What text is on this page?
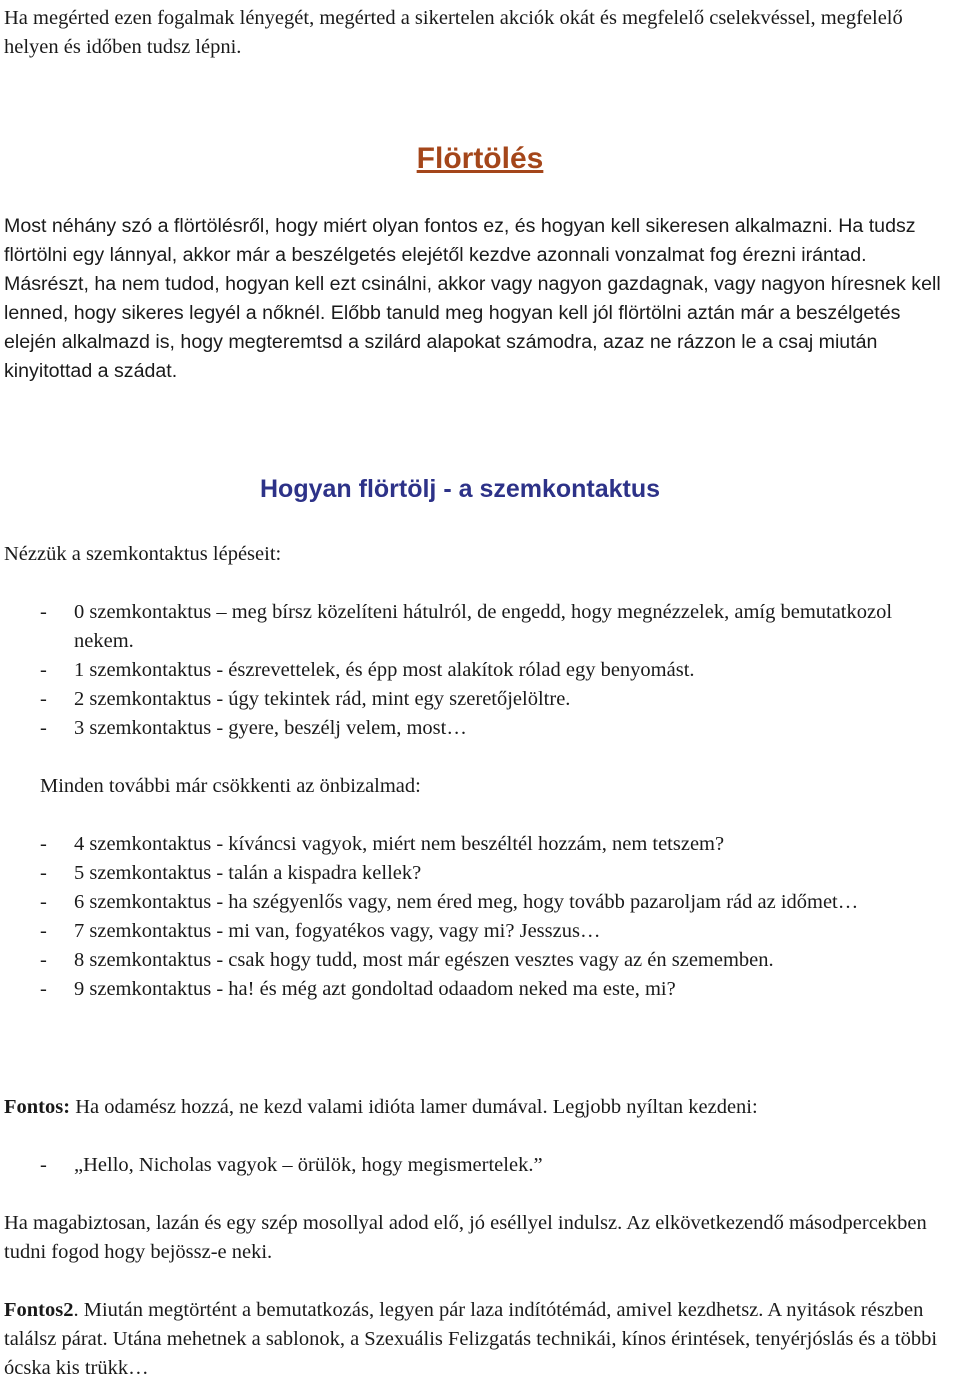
Ha megérted ezen fogalmak lényegét, megérted a sikertelen akciók okát és megfelelő cselekvéssel, megfelelő helyen és időben tudsz lépni.

Flörtölés

Most néhány szó a flörtölésről, hogy miért olyan fontos ez, és hogyan kell sikeresen alkalmazni. Ha tudsz flörtölni egy lánnyal, akkor már a beszélgetés elejétől kezdve azonnali vonzalmat fog érezni irántad. Másrészt, ha nem tudod, hogyan kell ezt csinálni, akkor vagy nagyon gazdagnak, vagy nagyon híresnek kell lenned, hogy sikeres legyél a nőknél. Előbb tanuld meg hogyan kell jól flörtölni aztán már a beszélgetés elején alkalmazd is, hogy megteremtsd a szilárd alapokat számodra, azaz ne rázzon le a csaj miután kinyitottad a szádat.

Hogyan flörtölj - a szemkontaktus

Nézzük a szemkontaktus lépéseit:

- 0 szemkontaktus – meg bírsz közelíteni hátulról, de engedd, hogy megnézzelek, amíg bemutatkozol nekem.
- 1 szemkontaktus - észrevettelek, és épp most alakítok rólad egy benyomást.
- 2 szemkontaktus - úgy tekintek rád, mint egy szeretőjelöltre.
- 3 szemkontaktus - gyere, beszélj velem, most…

Minden további már csökkenti az önbizalmad:

- 4 szemkontaktus - kíváncsi vagyok, miért nem beszéltél hozzám, nem tetszem?
- 5 szemkontaktus - talán a kispadra kellek?
- 6 szemkontaktus - ha szégyenlős vagy, nem éred meg, hogy tovább pazaroljam rád az időmet…
- 7 szemkontaktus - mi van, fogyatékos vagy, vagy mi? Jesszus…
- 8 szemkontaktus - csak hogy tudd, most már egészen vesztes vagy az én szememben.
- 9 szemkontaktus - ha! és még azt gondoltad odaadom neked ma este, mi?

Fontos: Ha odamész hozzá, ne kezd valami idióta lamer dumával. Legjobb nyíltan kezdeni:

- „Hello, Nicholas vagyok – örülök, hogy megismertelek.”

Ha magabiztosan, lazán és egy szép mosollyal adod elő, jó eséllyel indulsz. Az elkövetkezendő másodpercekben tudni fogod hogy bejössz-e neki.

Fontos2. Miután megtörtént a bemutatkozás, legyen pár laza indítótémád, amivel kezdhetsz. A nyitások részben találsz párat. Utána mehetnek a sablonok, a Szexuális Felizgatás technikái, kínos érintések, tenyérjóslás és a többi ócska kis trükk…
